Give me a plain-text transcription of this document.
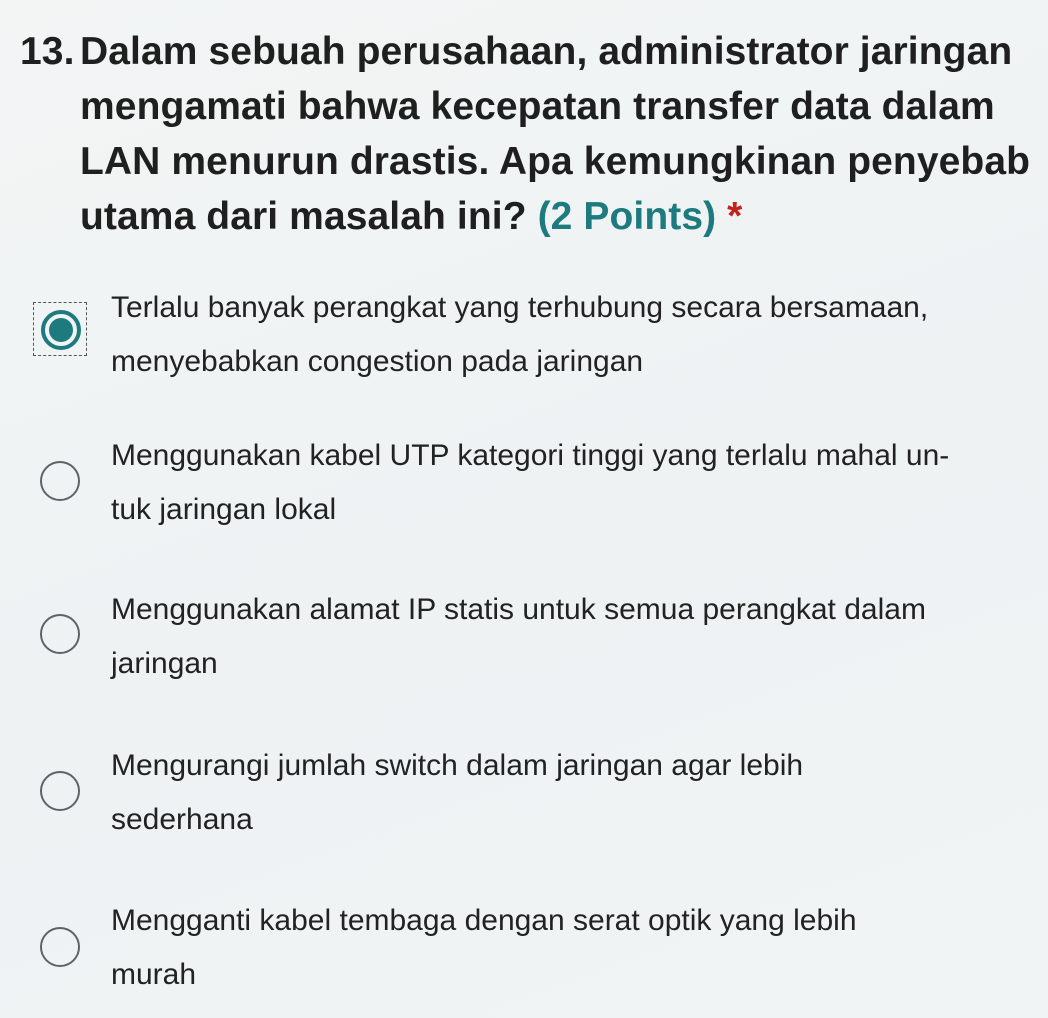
13. Dalam sebuah perusahaan, administrator jaringan mengamati bahwa kecepatan transfer data dalam LAN menurun drastis. Apa kemungkinan penyebab utama dari masalah ini? (2 Points) *
Terlalu banyak perangkat yang terhubung secara bersamaan,
menyebabkan congestion pada jaringan
Menggunakan kabel UTP kategori tinggi yang terlalu mahal un-
tuk jaringan lokal
Menggunakan alamat IP statis untuk semua perangkat dalam
jaringan
Mengurangi jumlah switch dalam jaringan agar lebih
sederhana
Mengganti kabel tembaga dengan serat optik yang lebih
murah
